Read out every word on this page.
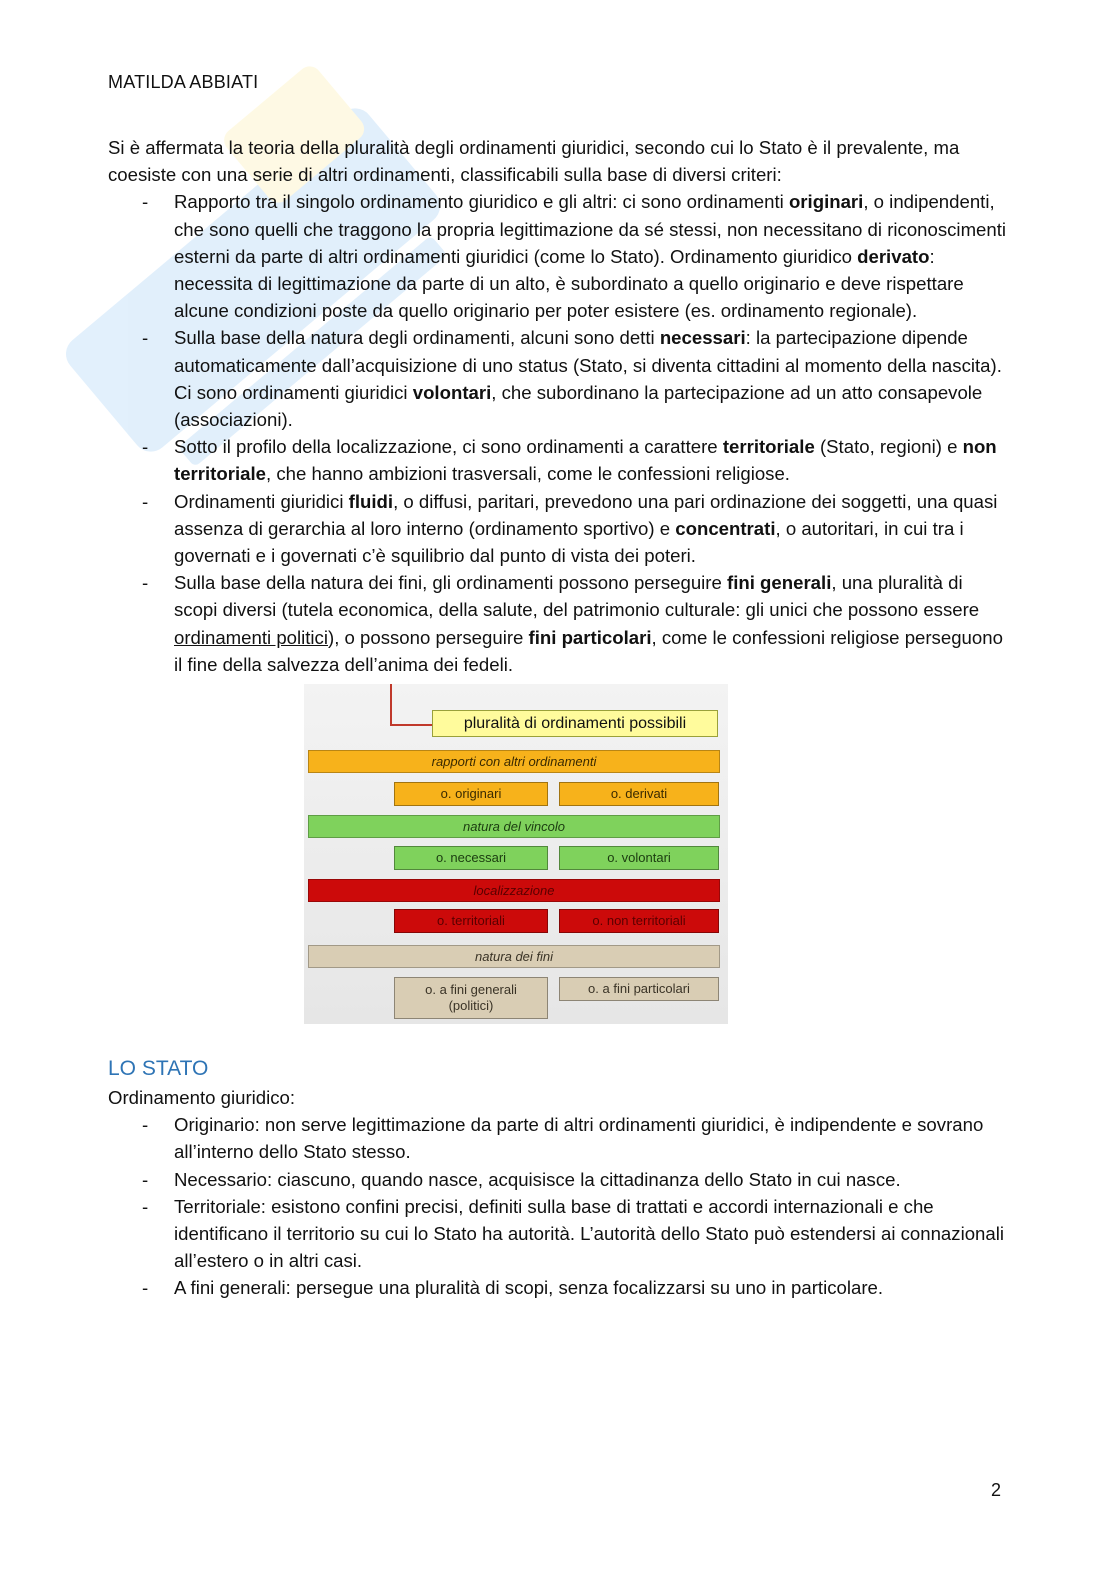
MATILDA ABBIATI

Si è affermata la teoria della pluralità degli ordinamenti giuridici, secondo cui lo Stato è il prevalente, ma coesiste con una serie di altri ordinamenti, classificabili sulla base di diversi criteri:

- Rapporto tra il singolo ordinamento giuridico e gli altri: ci sono ordinamenti originari, o indipendenti, che sono quelli che traggono la propria legittimazione da sé stessi, non necessitano di riconoscimenti esterni da parte di altri ordinamenti giuridici (come lo Stato). Ordinamento giuridico derivato: necessita di legittimazione da parte di un alto, è subordinato a quello originario e deve rispettare alcune condizioni poste da quello originario per poter esistere (es. ordinamento regionale).
- Sulla base della natura degli ordinamenti, alcuni sono detti necessari: la partecipazione dipende automaticamente dall’acquisizione di uno status (Stato, si diventa cittadini al momento della nascita). Ci sono ordinamenti giuridici volontari, che subordinano la partecipazione ad un atto consapevole (associazioni).
- Sotto il profilo della localizzazione, ci sono ordinamenti a carattere territoriale (Stato, regioni) e non territoriale, che hanno ambizioni trasversali, come le confessioni religiose.
- Ordinamenti giuridici fluidi, o diffusi, paritari, prevedono una pari ordinazione dei soggetti, una quasi assenza di gerarchia al loro interno (ordinamento sportivo) e concentrati, o autoritari, in cui tra i governati e i governati c’è squilibrio dal punto di vista dei poteri.
- Sulla base della natura dei fini, gli ordinamenti possono perseguire fini generali, una pluralità di scopi diversi (tutela economica, della salute, del patrimonio culturale: gli unici che possono essere ordinamenti politici), o possono perseguire fini particolari, come le confessioni religiose perseguono il fine della salvezza dell’anima dei fedeli.
pluralità di ordinamenti possibili
rapporti con altri ordinamenti
o. originari	o. derivati
natura del vincolo
o. necessari	o. volontari
localizzazione
o. territoriali	o. non territoriali
natura dei fini
o. a fini generali
(politici)
o. a fini particolari
LO STATO

Ordinamento giuridico:

- Originario: non serve legittimazione da parte di altri ordinamenti giuridici, è indipendente e sovrano all’interno dello Stato stesso.
- Necessario: ciascuno, quando nasce, acquisisce la cittadinanza dello Stato in cui nasce.
- Territoriale: esistono confini precisi, definiti sulla base di trattati e accordi internazionali e che identificano il territorio su cui lo Stato ha autorità. L’autorità dello Stato può estendersi ai connazionali all’estero o in altri casi.
- A fini generali: persegue una pluralità di scopi, senza focalizzarsi su uno in particolare.
2
